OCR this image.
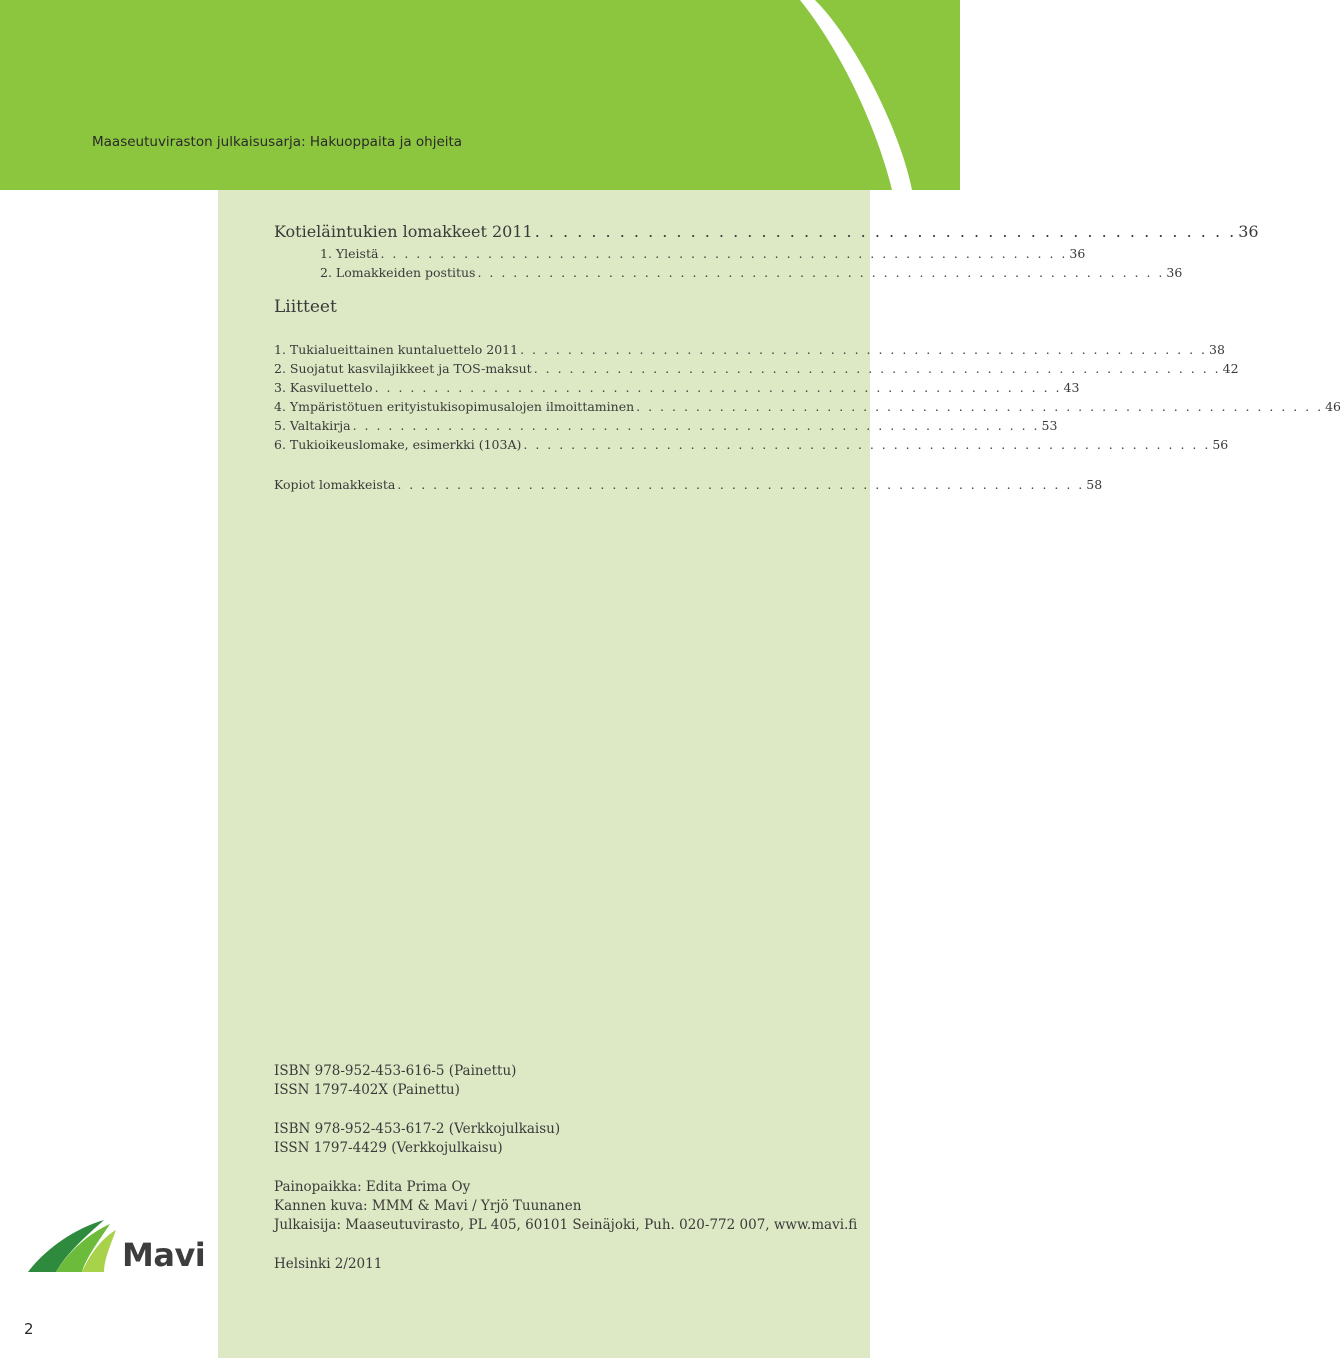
Maaseutuviraston julkaisusarja: Hakuoppaita ja ohjeita
Kotieläintukien lomakkeet 2011 . . . . . . . . . . . . . . . . . . . . . . . . . . . . . . . . . . . . . . . . . . . . . . . . . . 36
1. Yleistä . . . . . . . . . . . . . . . . . . . . . . . . . . . . . . . . . . . . . . . . . . . . . . . . . . . . . . . . . . 36
2. Lomakkeiden postitus . . . . . . . . . . . . . . . . . . . . . . . . . . . . . . . . . . . . . . . . . . . . . . . . . . . . . . . . . . 36
Liitteet
1. Tukialueittainen kuntaluettelo 2011 . . . . . . . . . . . . . . . . . . . . . . . . . . . . . . . . . . . . . . . . . . . . . . . . . . . . . . . . . . 38
2. Suojatut kasvilajikkeet ja TOS-maksut . . . . . . . . . . . . . . . . . . . . . . . . . . . . . . . . . . . . . . . . . . . . . . . . . . . . . . . . . . 42
3. Kasviluettelo . . . . . . . . . . . . . . . . . . . . . . . . . . . . . . . . . . . . . . . . . . . . . . . . . . . . . . . . . . 43
4. Ympäristötuen erityistukisopimusalojen ilmoittaminen . . . . . . . . . . . . . . . . . . . . . . . . . . . . . . . . . . . . . . . . . . . . . . . . . . . . . . . . . . 46
5. Valtakirja . . . . . . . . . . . . . . . . . . . . . . . . . . . . . . . . . . . . . . . . . . . . . . . . . . . . . . . . . . 53
6. Tukioikeuslomake, esimerkki (103A) . . . . . . . . . . . . . . . . . . . . . . . . . . . . . . . . . . . . . . . . . . . . . . . . . . . . . . . . . . 56
Kopiot lomakkeista . . . . . . . . . . . . . . . . . . . . . . . . . . . . . . . . . . . . . . . . . . . . . . . . . . . . . . . . . . 58
ISBN 978-952-453-616-5 (Painettu)
ISSN 1797-402X (Painettu)
ISBN 978-952-453-617-2 (Verkkojulkaisu)
ISSN 1797-4429 (Verkkojulkaisu)
Painopaikka: Edita Prima Oy
Kannen kuva: MMM & Mavi / Yrjö Tuunanen
Julkaisija: Maaseutuvirasto, PL 405, 60101 Seinäjoki, Puh. 020-772 007, www.mavi.fi
Helsinki 2/2011
Mavi
2
